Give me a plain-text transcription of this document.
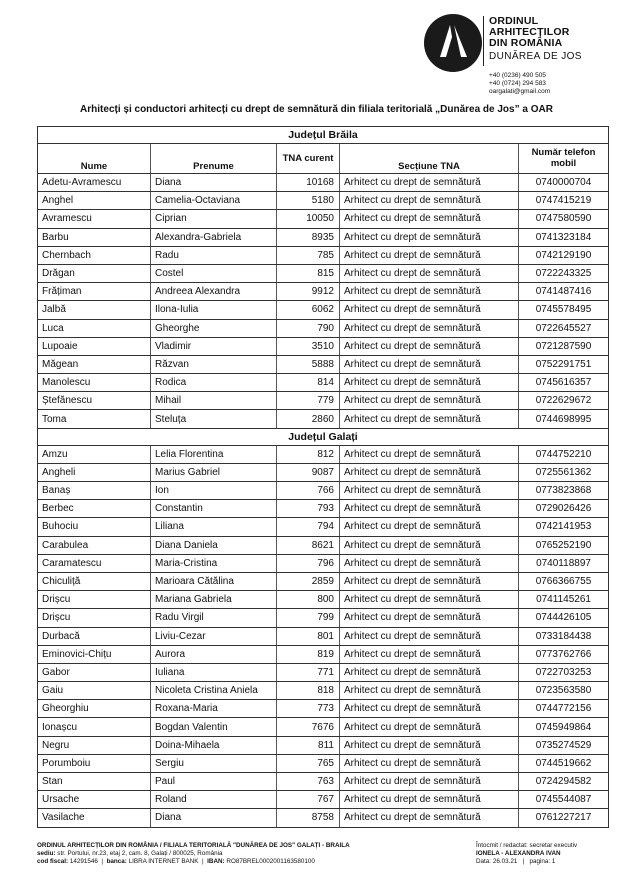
ORDINUL
ARHITECȚILOR
DIN ROMÂNIA
DUNĂREA DE JOS
+40 (0236) 490 505
+40 (0724) 294 583
oargalati@gmail.com
Arhitecți și conductori arhitecți cu drept de semnătură din filiala teritorială „Dunărea de Jos” a OAR
Județul Brăila				
Nume	Prenume	TNA curent	Secțiune TNA	Număr telefon mobil
Adetu-Avramescu	Diana	10168	Arhitect cu drept de semnătură	0740000704
Anghel	Camelia-Octaviana	5180	Arhitect cu drept de semnătură	0747415219
Avramescu	Ciprian	10050	Arhitect cu drept de semnătură	0747580590
Barbu	Alexandra-Gabriela	8935	Arhitect cu drept de semnătură	0741323184
Chernbach	Radu	785	Arhitect cu drept de semnătură	0742129190
Drăgan	Costel	815	Arhitect cu drept de semnătură	0722243325
Frățiman	Andreea Alexandra	9912	Arhitect cu drept de semnătură	0741487416
Jalbă	Ilona-Iulia	6062	Arhitect cu drept de semnătură	0745578495
Luca	Gheorghe	790	Arhitect cu drept de semnătură	0722645527
Lupoaie	Vladimir	3510	Arhitect cu drept de semnătură	0721287590
Măgean	Răzvan	5888	Arhitect cu drept de semnătură	0752291751
Manolescu	Rodica	814	Arhitect cu drept de semnătură	0745616357
Ștefănescu	Mihail	779	Arhitect cu drept de semnătură	0722629672
Toma	Steluța	2860	Arhitect cu drept de semnătură	0744698995
Județul Galați				
Amzu	Lelia Florentina	812	Arhitect cu drept de semnătură	0744752210
Angheli	Marius Gabriel	9087	Arhitect cu drept de semnătură	0725561362
Banaș	Ion	766	Arhitect cu drept de semnătură	0773823868
Berbec	Constantin	793	Arhitect cu drept de semnătură	0729026426
Buhociu	Liliana	794	Arhitect cu drept de semnătură	0742141953
Carabulea	Diana Daniela	8621	Arhitect cu drept de semnătură	0765252190
Caramatescu	Maria-Cristina	796	Arhitect cu drept de semnătură	0740118897
Chiculiță	Marioara Cătălina	2859	Arhitect cu drept de semnătură	0766366755
Drișcu	Mariana Gabriela	800	Arhitect cu drept de semnătură	0741145261
Drișcu	Radu Virgil	799	Arhitect cu drept de semnătură	0744426105
Durbacă	Liviu-Cezar	801	Arhitect cu drept de semnătură	0733184438
Eminovici-Chițu	Aurora	819	Arhitect cu drept de semnătură	0773762766
Gabor	Iuliana	771	Arhitect cu drept de semnătură	0722703253
Gaiu	Nicoleta Cristina Aniela	818	Arhitect cu drept de semnătură	0723563580
Gheorghiu	Roxana-Maria	773	Arhitect cu drept de semnătură	0744772156
Ionașcu	Bogdan Valentin	7676	Arhitect cu drept de semnătură	0745949864
Negru	Doina-Mihaela	811	Arhitect cu drept de semnătură	0735274529
Porumboiu	Sergiu	765	Arhitect cu drept de semnătură	0744519662
Stan	Paul	763	Arhitect cu drept de semnătură	0724294582
Ursache	Roland	767	Arhitect cu drept de semnătură	0745544087
Vasilache	Diana	8758	Arhitect cu drept de semnătură	0761227217
ORDINUL ARHITECȚILOR DIN ROMÂNIA / FILIALA TERITORIALĂ "DUNĂREA DE JOS" GALAȚI - BRAILA
sediu: str. Portului, nr.23, etaj 2, cam. 8, Galați / 800025, România
cod fiscal: 14291546  |  banca: LIBRA INTERNET BANK  |  IBAN: RO87BREL0002001163580100
Întocmit / redactat: secretar executiv
IONELA - ALEXANDRA IVAN
Data: 26.03.21   |   pagina: 1
